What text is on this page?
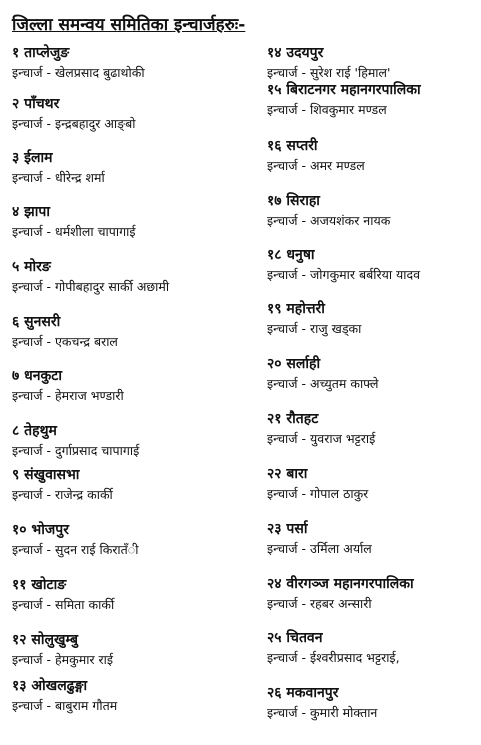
जिल्ला समन्वय समितिका इन्चार्जहरुः-
१ ताप्लेजुङ
इन्चार्ज - खेलप्रसाद बुढाथोकी
२ पाँचथर
इन्चार्ज - इन्द्रबहादुर आङ्बो
३ ईलाम
इन्चार्ज - धीरेन्द्र शर्मा
४ झापा
इन्चार्ज - धर्मशीला चापागाई
५ मोरङ
इन्चार्ज - गोपीबहादुर सार्की अछामी
६ सुनसरी
इन्चार्ज - एकचन्द्र बराल
७ धनकुटा
इन्चार्ज - हेमराज भण्डारी
८ तेहथुम
इन्चार्ज - दुर्गाप्रसाद चापागाई
९ संखुवासभा
इन्चार्ज - राजेन्द्र कार्की
१० भोजपुर
इन्चार्ज - सुदन राई किरातँी
११ खोटाङ
इन्चार्ज - समिता कार्की
१२ सोलुखुम्बु
इन्चार्ज - हेमकुमार राई
१३ ओखलढुङ्गा
इन्चार्ज - बाबुराम गौतम
१४ उदयपुर
इन्चार्ज - सुरेश राई 'हिमाल'
१५ बिराटनगर महानगरपालिका
इन्चार्ज - शिवकुमार मण्डल
१६ सप्तरी
इन्चार्ज - अमर मण्डल
१७ सिराहा
इन्चार्ज - अजयशंकर नायक
१८ धनुषा
इन्चार्ज - जोगकुमार बर्बरिया यादव
१९ महोत्तरी
इन्चार्ज - राजु खड्का
२० सर्लाही
इन्चार्ज - अच्युतम काफ्ले
२१ रौतहट
इन्चार्ज - युवराज भट्टराई
२२ बारा
इन्चार्ज - गोपाल ठाकुर
२३ पर्सा
इन्चार्ज - उर्मिला अर्याल
२४ वीरगञ्ज महानगरपालिका
इन्चार्ज - रहबर अन्सारी
२५ चितवन
इन्चार्ज - ईश्वरीप्रसाद भट्टराई,
२६ मकवानपुर
इन्चार्ज - कुमारी मोक्तान
